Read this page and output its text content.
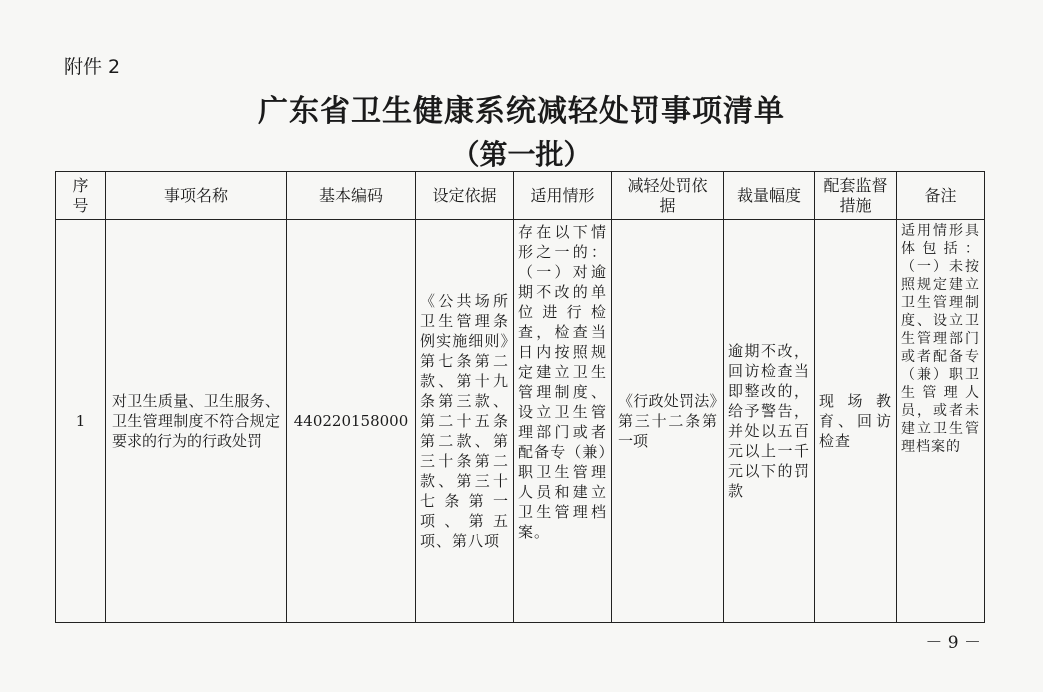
附件 2
广东省卫生健康系统减轻处罚事项清单
（第一批）
序号	事项名称	基本编码	设定依据	适用情形	减轻处罚依据	裁量幅度	配套监督措施	备注
1	对卫生质量、卫生服务、卫生管理制度不符合规定要求的行为的行政处罚	440220158000	《公共场所卫生管理条例实施细则》第七条第二款、第十九条第三款、第二十五条第二款、第三十条第二款、第三十七条第一项、第五项、第八项	存在以下情形之一的：（一）对逾期不改的单位进行检查，检查当日内按照规定建立卫生管理制度、设立卫生管理部门或者配备专（兼）职卫生管理人员和建立卫生管理档案。	《行政处罚法》第三十二条第一项	逾期不改，回访检查当即整改的，给予警告，并处以五百元以上一千元以下的罚款	现场教育、回访检查	适用情形具体包括：（一）未按照规定建立卫生管理制度、设立卫生管理部门或者配备专（兼）职卫生管理人员，或者未建立卫生管理档案的
－ 9 －
